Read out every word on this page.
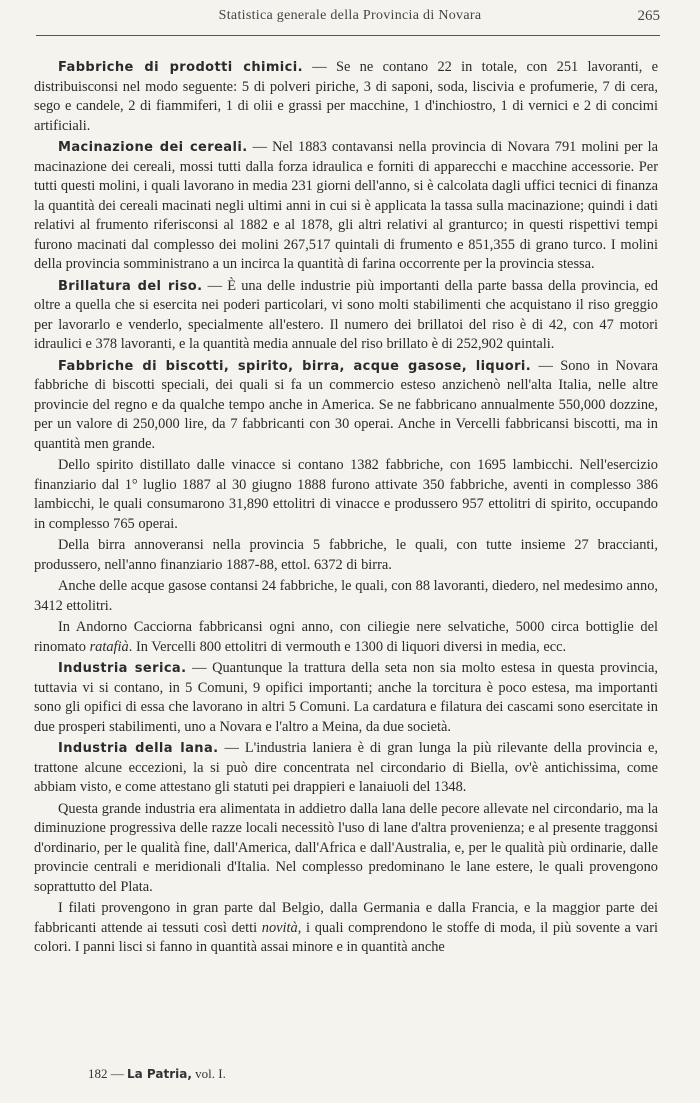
Statistica generale della Provincia di Novara	265

Fabbriche di prodotti chimici. — Se ne contano 22 in totale, con 251 lavoranti, e distribuisconsi nel modo seguente: 5 di polveri piriche, 3 di saponi, soda, liscivia e profumerie, 7 di cera, sego e candele, 2 di fiammiferi, 1 di olii e grassi per macchine, 1 d'inchiostro, 1 di vernici e 2 di concimi artificiali.

Macinazione dei cereali. — Nel 1883 contavansi nella provincia di Novara 791 molini per la macinazione dei cereali, mossi tutti dalla forza idraulica e forniti di apparecchi e macchine accessorie. Per tutti questi molini, i quali lavorano in media 231 giorni dell'anno, si è calcolata dagli uffici tecnici di finanza la quantità dei cereali macinati negli ultimi anni in cui si è applicata la tassa sulla macinazione; quindi i dati relativi al frumento riferisconsi al 1882 e al 1878, gli altri relativi al granturco; in questi rispettivi tempi furono macinati dal complesso dei molini 267,517 quintali di frumento e 851,355 di grano turco. I molini della provincia somministrano a un incirca la quantità di farina occorrente per la provincia stessa.

Brillatura del riso. — È una delle industrie più importanti della parte bassa della provincia, ed oltre a quella che si esercita nei poderi particolari, vi sono molti stabilimenti che acquistano il riso greggio per lavorarlo e venderlo, specialmente all'estero. Il numero dei brillatoi del riso è di 42, con 47 motori idraulici e 378 lavoranti, e la quantità media annuale del riso brillato è di 252,902 quintali.

Fabbriche di biscotti, spirito, birra, acque gasose, liquori. — Sono in Novara fabbriche di biscotti speciali, dei quali si fa un commercio esteso anzichenò nell'alta Italia, nelle altre provincie del regno e da qualche tempo anche in America. Se ne fabbricano annualmente 550,000 dozzine, per un valore di 250,000 lire, da 7 fabbricanti con 30 operai. Anche in Vercelli fabbricansi biscotti, ma in quantità men grande.

Dello spirito distillato dalle vinacce si contano 1382 fabbriche, con 1695 lambicchi. Nell'esercizio finanziario dal 1° luglio 1887 al 30 giugno 1888 furono attivate 350 fabbriche, aventi in complesso 386 lambicchi, le quali consumarono 31,890 ettolitri di vinacce e produssero 957 ettolitri di spirito, occupando in complesso 765 operai.

Della birra annoveransi nella provincia 5 fabbriche, le quali, con tutte insieme 27 braccianti, produssero, nell'anno finanziario 1887-88, ettol. 6372 di birra.

Anche delle acque gasose contansi 24 fabbriche, le quali, con 88 lavoranti, diedero, nel medesimo anno, 3412 ettolitri.

In Andorno Cacciorna fabbricansi ogni anno, con ciliegie nere selvatiche, 5000 circa bottiglie del rinomato ratafià. In Vercelli 800 ettolitri di vermouth e 1300 di liquori diversi in media, ecc.

Industria serica. — Quantunque la trattura della seta non sia molto estesa in questa provincia, tuttavia vi si contano, in 5 Comuni, 9 opifici importanti; anche la torcitura è poco estesa, ma importanti sono gli opifici di essa che lavorano in altri 5 Comuni. La cardatura e filatura dei cascami sono esercitate in due prosperi stabilimenti, uno a Novara e l'altro a Meina, da due società.

Industria della lana. — L'industria laniera è di gran lunga la più rilevante della provincia e, trattone alcune eccezioni, la si può dire concentrata nel circondario di Biella, ov'è antichissima, come abbiam visto, e come attestano gli statuti pei drappieri e lanaiuoli del 1348.

Questa grande industria era alimentata in addietro dalla lana delle pecore allevate nel circondario, ma la diminuzione progressiva delle razze locali necessitò l'uso di lane d'altra provenienza; e al presente traggonsi d'ordinario, per le qualità fine, dall'America, dall'Africa e dall'Australia, e, per le qualità più ordinarie, dalle provincie centrali e meridionali d'Italia. Nel complesso predominano le lane estere, le quali provengono soprattutto del Plata.

I filati provengono in gran parte dal Belgio, dalla Germania e dalla Francia, e la maggior parte dei fabbricanti attende ai tessuti così detti novità, i quali comprendono le stoffe di moda, il più sovente a vari colori. I panni lisci si fanno in quantità assai minore e in quantità anche

182 — La Patria, vol. I.
